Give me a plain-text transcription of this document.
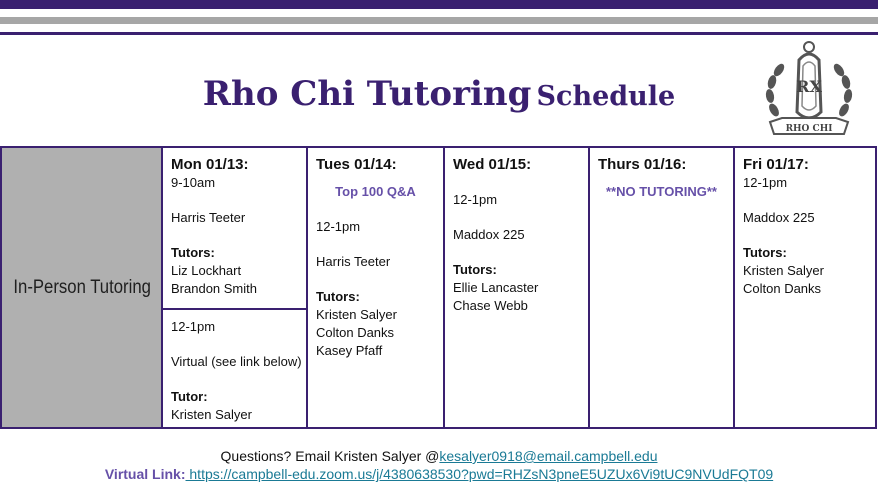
Rho Chi Tutoring Schedule	RX
RHO CHI
In-Person Tutoring
Mon 01/13:
9-10am
Harris Teeter
Tutors:
Liz Lockhart
Brandon Smith
12-1pm
Virtual (see link below)
Tutor:
Kristen Salyer
Tues 01/14:
Top 100 Q&A
12-1pm
Harris Teeter
Tutors:
Kristen Salyer
Colton Danks
Kasey Pfaff
Wed 01/15:
12-1pm
Maddox 225
Tutors:
Ellie Lancaster
Chase Webb
Thurs 01/16:
**NO TUTORING**
Fri 01/17:
12-1pm
Maddox 225
Tutors:
Kristen Salyer
Colton Danks
Questions? Email Kristen Salyer @kesalyer0918@email.campbell.edu
Virtual Link: https://campbell-edu.zoom.us/j/4380638530?pwd=RHZsN3pneE5UZUx6Vi9tUC9NVUdFQT09
